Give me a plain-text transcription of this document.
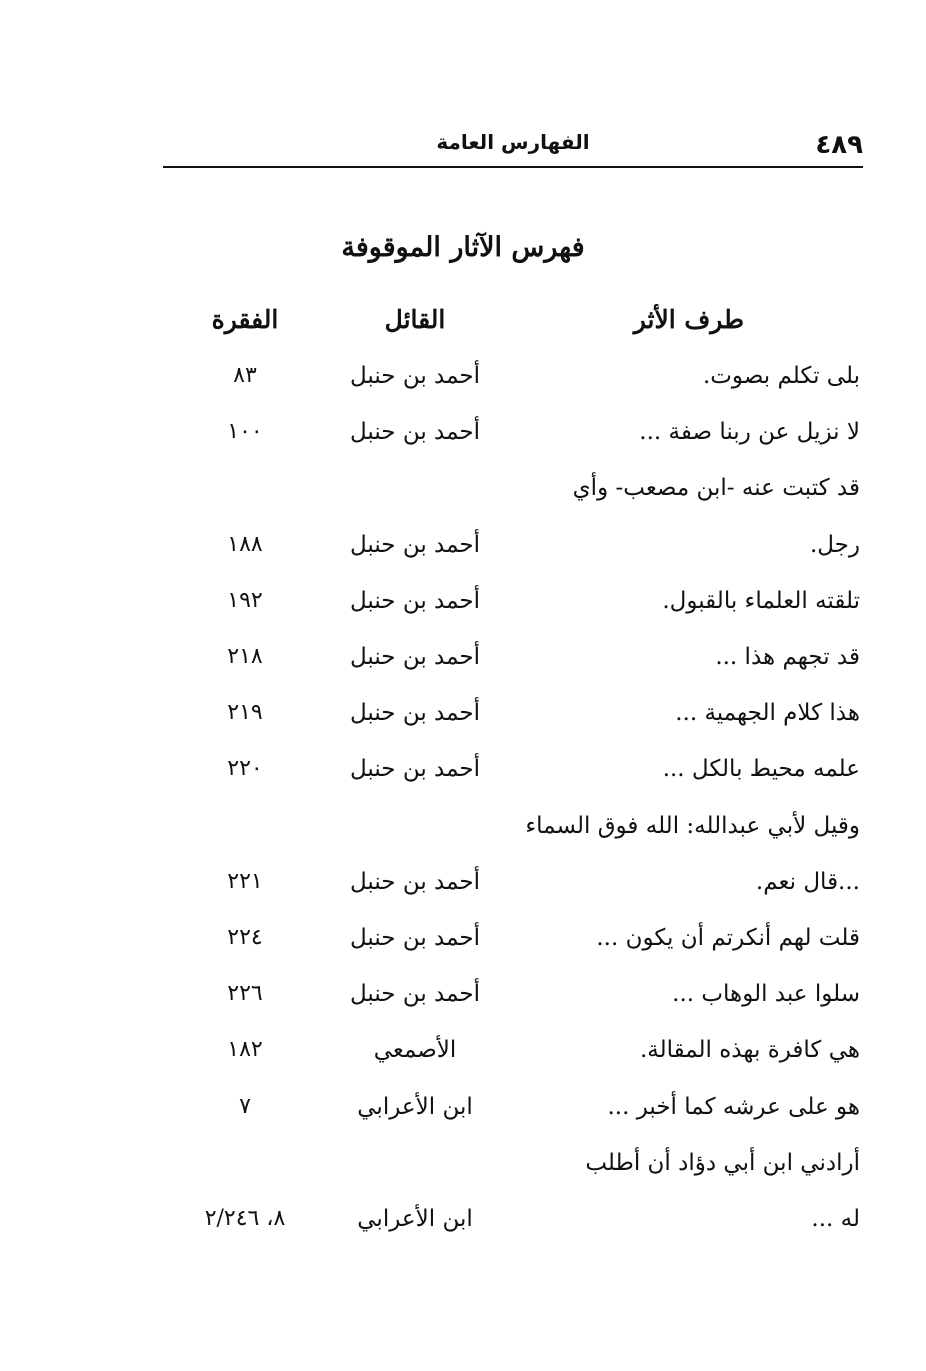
٤٨٩
الفهارس العامة
فهرس الآثار الموقوفة
طرف الأثر
القائل
الفقرة
بلى تكلم بصوت.
أحمد بن حنبل
٨٣
لا نزيل عن ربنا صفة ...
أحمد بن حنبل
١٠٠
قد كتبت عنه -ابن مصعب- وأي
رجل.
أحمد بن حنبل
١٨٨
تلقته العلماء بالقبول.
أحمد بن حنبل
١٩٢
قد تجهم هذا ...
أحمد بن حنبل
٢١٨
هذا كلام الجهمية ...
أحمد بن حنبل
٢١٩
علمه محيط بالكل ...
أحمد بن حنبل
٢٢٠
وقيل لأبي عبدالله: الله فوق السماء
...قال نعم.
أحمد بن حنبل
٢٢١
قلت لهم أنكرتم أن يكون ...
أحمد بن حنبل
٢٢٤
سلوا عبد الوهاب ...
أحمد بن حنبل
٢٢٦
هي كافرة بهذه المقالة.
الأصمعي
١٨٢
هو على عرشه كما أخبر ...
ابن الأعرابي
٧
أرادني ابن أبي دؤاد أن أطلب
له ...
ابن الأعرابي
٨، ٢/٢٤٦
